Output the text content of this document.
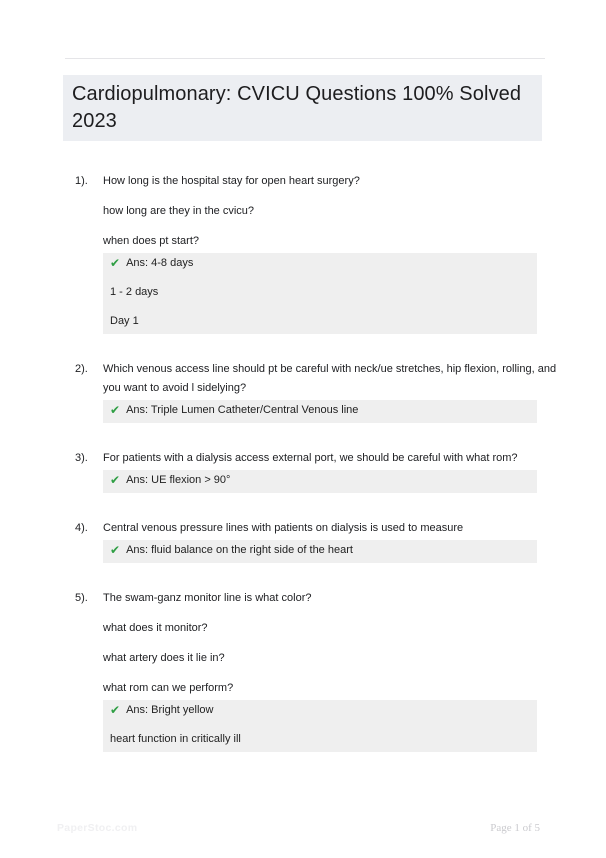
Cardiopulmonary: CVICU Questions 100% Solved 2023
1).	How long is the hospital stay for open heart surgery?

how long are they in the cvicu?

when does pt start?

✔ Ans: 4-8 days

1 - 2 days

Day 1

2).	Which venous access line should pt be careful with neck/ue stretches, hip flexion, rolling, and you want to avoid l sidelying?

✔ Ans: Triple Lumen Catheter/Central Venous line

3).	For patients with a dialysis access external port, we should be careful with what rom?

✔ Ans: UE flexion > 90°

4).	Central venous pressure lines with patients on dialysis is used to measure

✔ Ans: fluid balance on the right side of the heart

5).	The swam-ganz monitor line is what color?

what does it monitor?

what artery does it lie in?

what rom can we perform?

✔ Ans: Bright yellow

heart function in critically ill

PaperStoc.com	Page 1 of 5
